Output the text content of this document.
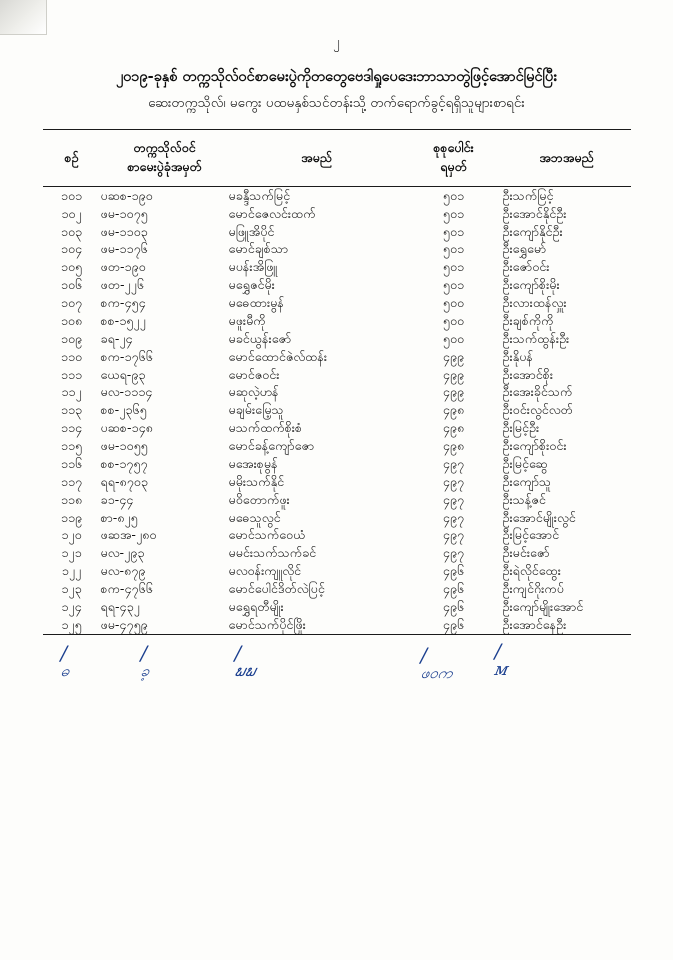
၂
၂၀၁၉-ခုနှစ် တက္ကသိုလ်ဝင်စာမေးပွဲကိုတတွေဗေဒါရှုပေဒေးဘာသာတွဲဖြင့်အောင်မြင်ပြီး
ဆေးတက္ကသိုလ်၊ မကွေး ပထမနှစ်သင်တန်းသို့ တက်ရောက်ခွင့်ရရှိသူများစာရင်း
စဉ်	
တက္ကသိုလ်ဝင်
စာမေးပွဲခုံအမှတ်
	အမည်	
စုစုပေါင်း
ရမှတ်
	အဘအမည်
၁၀၁	ပဆစ-၁၉၀	မခန္ဒီသက်မြင့်	၅၀၁	ဦးသက်မြင့်
၁၀၂	ဖမ-၁၀၇၅	မောင်ဇေလင်းထက်	၅၀၁	ဦးအောင်နိုင်ဦး
၁၀၃	ဖမ-၁၁၀၃	မဖြူအိပိုင်	၅၀၁	ဦးကျော်နိုင်ဦး
၁၀၄	ဖမ-၁၁၇၆	မောင်ချစ်သာ	၅၀၁	ဦးရွှေမော်
၁၀၅	ဖတ-၁၉၀	မပန်းအိဖြူ	၅၀၁	ဦးဇော်ဝင်း
၁၀၆	ဖတ-၂၂၆	မရွှေဇင်မိုး	၅၀၁	ဦးကျော်စိုးမိုး
၁၀၇	စက-၄၅၄	မဓေထားမွန်	၅၀၀	ဦးလားထန်လှူး
၁၀၈	စစ-၁၅၂၂	မဖူးမီကို	၅၀၀	ဦးချစ်ကိုကို
၁၀၉	ခရ-၂၄	မခင်ယွန်းဇော်	၅၀၀	ဦးသက်ထွန်းဦး
၁၁၀	စက-၁၇၆၆	မောင်ထောင်ဇဲလ်ထန်း	၄၉၉	ဦးနိုပန်
၁၁၁	ယေရ-၉၃	မောင်ဇဝင်း	၄၉၉	ဦးအောင်စိုး
၁၁၂	မလ-၁၁၁၄	မဆုလဲ့ဟန်	၄၉၉	ဦးအေးခိုင်သက်
၁၁၃	စစ-၂၃၆၅	မချမ်းမြေ့သူ	၄၉၈	ဦးဝင်းလွင်လတ်
၁၁၄	ပဆစ-၁၄၈	မသက်ထက်စိုးစံ	၄၉၈	ဦးမြင့်ဦး
၁၁၅	ဖမ-၁၀၅၅	မောင်ခန့်ကျော်ဇော	၄၉၈	ဦးကျော်စိုးဝင်း
၁၁၆	စစ-၁၇၅၇	မအေးစုမွန်	၄၉၇	ဦးမြင့်ဆွေ
၁၁၇	ရရ-၈၇၀၃	မမိုးသက်နိုင်	၄၉၇	ဦးကျော်သူ
၁၁၈	ခ၁-၄၄	မဝိတောက်ဖူး	၄၉၇	ဦးသန့်ဇင်
၁၁၉	စာ-၈၂၅	မဓေသူလွင်	၄၉၇	ဦးအောင်မျိုးလွင်
၁၂၀	ဖဆအ-၂၈၀	မောင်သက်ဝေယံ	၄၉၇	ဦးမြင့်အောင်
၁၂၁	မလ-၂၉၃	မမင်းသက်သက်ခင်	၄၉၇	ဦးမင်းဇော်
၁၂၂	မလ-၈၇၉	မလဝန်းကျူလိုင်	၄၉၆	ဦးရဲလိုင်ထွေး
၁၂၃	စက-၄၇၆၆	မောင်ပေါင်ဒိတ်လဲပြင့်	၄၉၆	ဦးကျင်ဂိုးကပ်
၁၂၄	ရရ-၄၃၂	မရွှေရတီမျိုး	၄၉၆	ဦးကျော်မျိုးအောင်
၁၂၅	ဖမ-၄၇၅၉	မောင်သက်ပိုင်ဖြိုး	၄၉၆	ဦးအောင်နေဦး
/
ဓ
/
ခ့
/
ພພ
/
ဖဝက
/
ᴍ
